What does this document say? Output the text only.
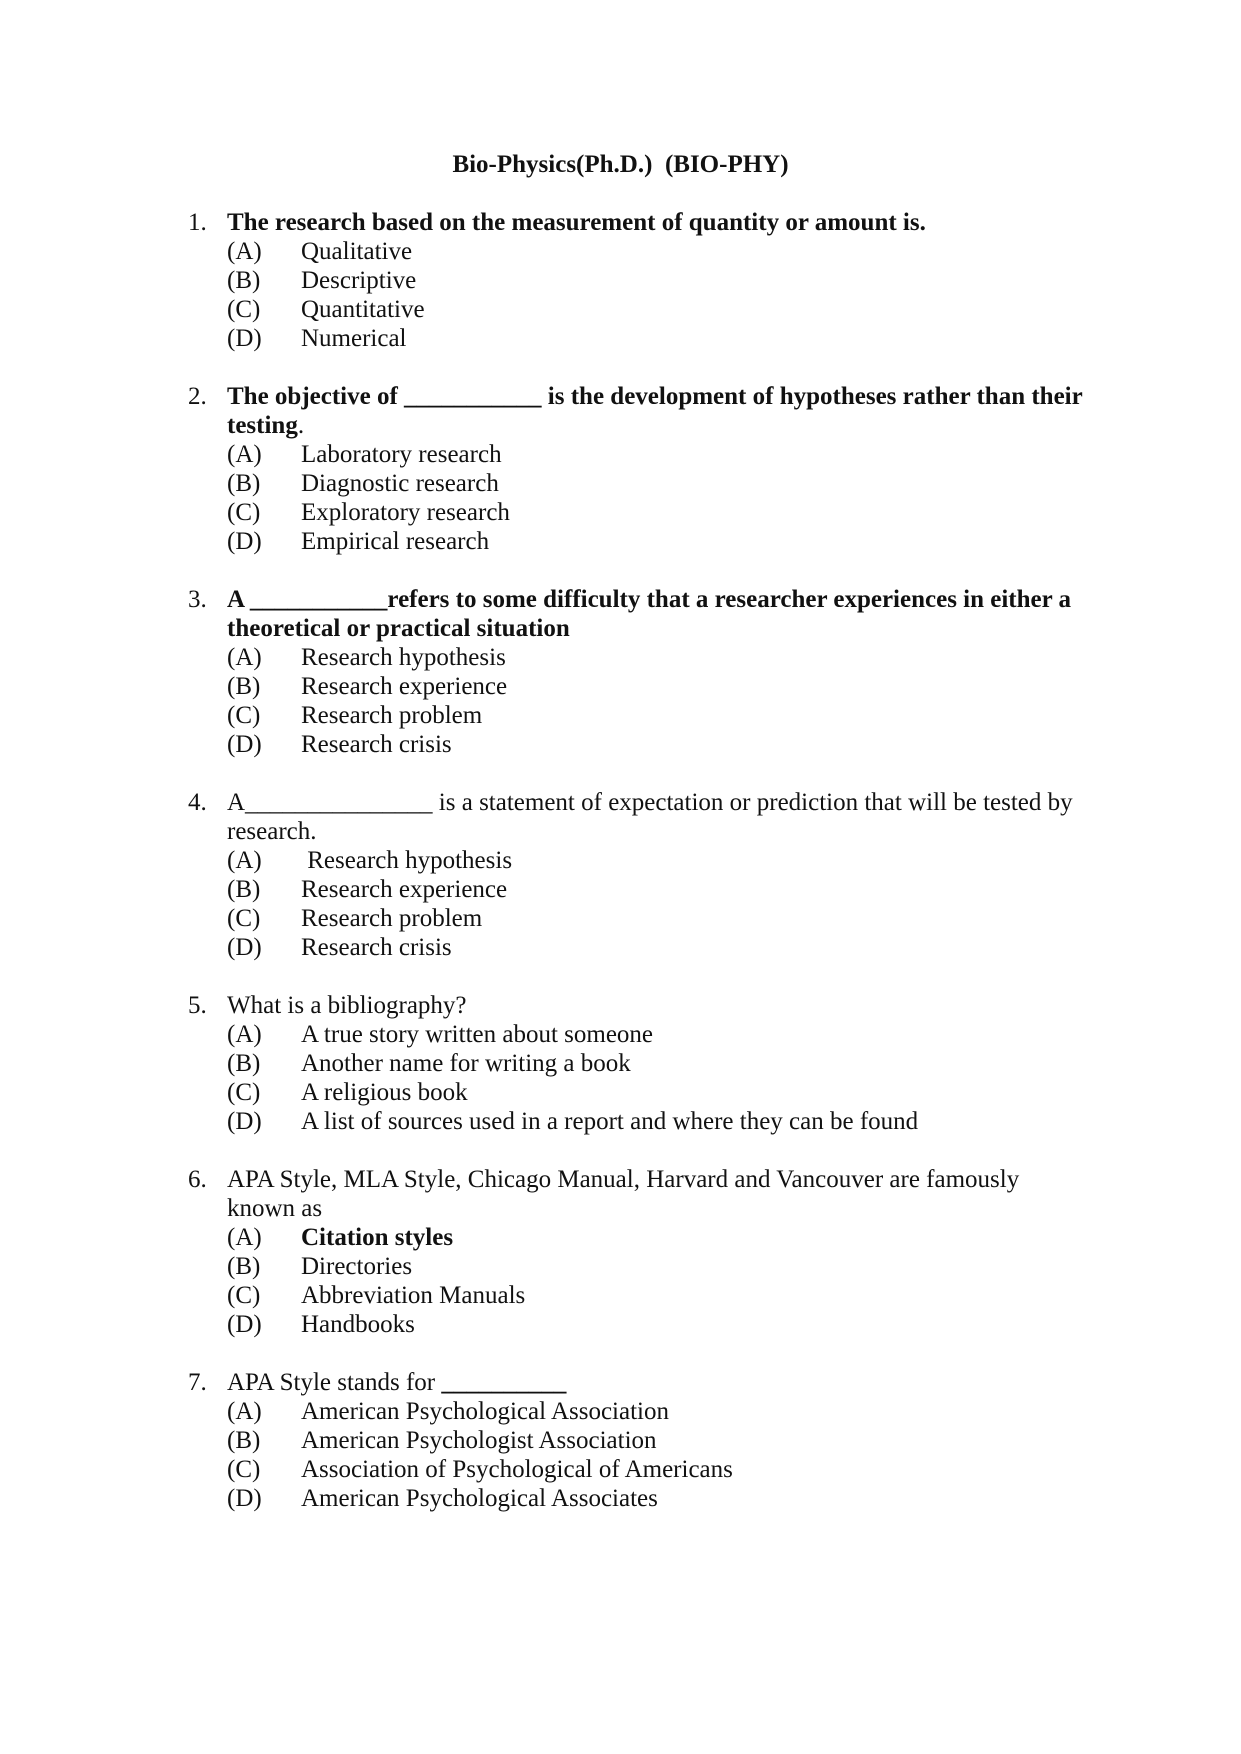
Bio-Physics(Ph.D.)  (BIO-PHY)
1. The research based on the measurement of quantity or amount is.
(A)	Qualitative
(B)	Descriptive
(C)	Quantitative
(D)	Numerical
2. The objective of ___________ is the development of hypotheses rather than their
testing.
(A)	Laboratory research
(B)	Diagnostic research
(C)	Exploratory research
(D)	Empirical research
3. A ___________refers to some difficulty that a researcher experiences in either a
theoretical or practical situation
(A)	Research hypothesis
(B)	Research experience
(C)	Research problem
(D)	Research crisis
4. A_______________ is a statement of expectation or prediction that will be tested by
research.
(A)	Research hypothesis
(B)	Research experience
(C)	Research problem
(D)	Research crisis
5. What is a bibliography?
(A)	A true story written about someone
(B)	Another name for writing a book
(C)	A religious book
(D)	A list of sources used in a report and where they can be found
6. APA Style, MLA Style, Chicago Manual, Harvard and Vancouver are famously
known as
(A)	Citation styles
(B)	Directories
(C)	Abbreviation Manuals
(D)	Handbooks
7. APA Style stands for __________
(A)	American Psychological Association
(B)	American Psychologist Association
(C)	Association of Psychological of Americans
(D)	American Psychological Associates
